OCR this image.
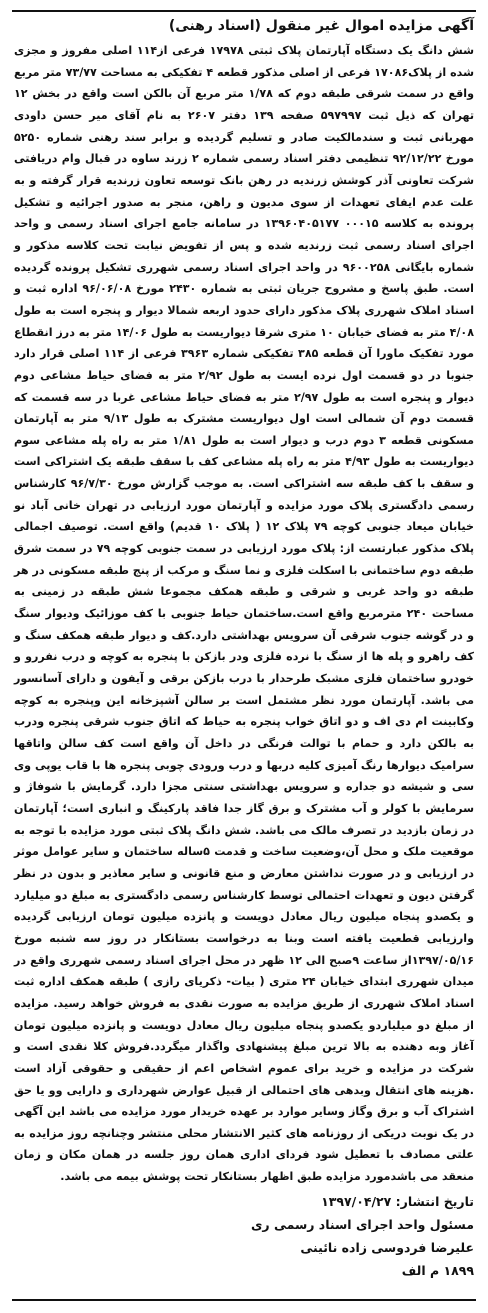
آگهی مزایده اموال غیر منقول (اسناد رهنی)

شش دانگ یک دستگاه آپارتمان پلاک ثبتی ۱۷۹۷۸ فرعی از۱۱۴ اصلی مفروز و مجزی شده از پلاک۱۷۰۸۶ فرعی از اصلی مذکور قطعه ۴ تفکیکی به مساحت ۷۳/۷۷ متر مربع واقع در سمت شرقی طبقه دوم که ۱/۷۸ متر مربع آن بالکن است واقع در بخش ۱۲ تهران که ذیل ثبت ۵۹۷۹۹۷ صفحه ۱۳۹ دفتر ۲۶۰۷ به نام آقای میر حسن داودی مهربانی ثبت و سندمالکیت صادر و تسلیم گردیده و برابر سند رهنی شماره ۵۲۵۰ مورخ ۹۲/۱۲/۲۲ تنظیمی دفتر اسناد رسمی شماره ۲ زرند ساوه در قبال وام دریافتی شرکت تعاونی آذر کوشش زرندیه در رهن بانک توسعه تعاون زرندیه قرار گرفته و به علت عدم ایفای تعهدات از سوی مدیون و راهن، منجر به صدور اجرائیه و تشکیل پرونده به کلاسه ۰۰۰۱۵ ۱۳۹۶۰۴۰۵۱۷۷ در سامانه جامع اجرای اسناد رسمی و واحد اجرای اسناد رسمی ثبت زرندیه شده و پس از تفویض نیابت تحت کلاسه مذکور و شماره بایگانی ۹۶۰۰۲۵۸ در واحد اجرای اسناد رسمی شهرری تشکیل پرونده گردیده است. طبق پاسخ و مشروح جریان ثبتی به شماره ۲۴۳۰ مورخ ۹۶/۰۶/۰۸ اداره ثبت و اسناد املاک شهرری پلاک مذکور دارای حدود اربعه شمالا دیوار و پنجره است به طول ۴/۰۸ متر به فضای خیابان ۱۰ متری شرقا دیواریست به طول ۱۴/۰۶ متر به درز انقطاع مورد تفکیک ماورا آن قطعه ۳۸۵ تفکیکی شماره ۳۹۶۳ فرعی از ۱۱۴ اصلی قرار دارد جنوبا در دو قسمت اول نرده ایست به طول ۲/۹۲ متر به فضای حیاط مشاعی دوم دیوار و پنجره است به طول ۲/۹۷ متر به فضای حیاط مشاعی غربا در سه قسمت که قسمت دوم آن شمالی است اول دیواریست مشترک به طول ۹/۱۳ متر به آپارتمان مسکونی قطعه ۳ دوم درب و دیوار است به طول ۱/۸۱ متر به راه پله مشاعی سوم دیواریست به طول ۴/۹۳ متر به راه پله مشاعی کف با سقف طبقه یک اشتراکی است و سقف با کف طبقه سه اشتراکی است. به موجب گزارش مورخ ۹۶/۷/۳۰ کارشناس رسمی دادگستری پلاک مورد مزایده و آپارتمان مورد ارزیابی در تهران خانی آباد نو خیابان میعاد جنوبی کوچه ۷۹ پلاک ۱۲ ( پلاک ۱۰ قدیم) واقع است. توصیف اجمالی پلاک مذکور عبارتست از: پلاک مورد ارزیابی در سمت جنوبی کوچه ۷۹ در سمت شرق طبقه دوم ساختمانی با اسکلت فلزی و نما سنگ و مرکب از پنج طبقه مسکونی در هر طبقه دو واحد غربی و شرقی و طبقه همکف مجموعا شش طبقه در زمینی به مساحت ۲۴۰ مترمربع واقع است.ساختمان حیاط جنوبی با کف موزائیک ودیوار سنگ و در گوشه جنوب شرقی آن سرویس بهداشتی دارد.کف و دیوار طبقه همکف سنگ و کف راهرو و پله ها از سنگ با نرده فلزی ودر بازکن با پنجره به کوچه و درب نفررو و خودرو ساختمان فلزی مشبک طرحدار با درب بازکن برقی و آیفون و دارای آسانسور می باشد. آپارتمان مورد نظر مشتمل است بر سالن آشپزخانه این وپنجره به کوچه وکابینت ام دی اف و دو اتاق خواب پنجره به حیاط که اتاق جنوب شرقی پنجره ودرب به بالکن دارد و حمام با توالت فرنگی در داخل آن واقع است کف سالن واتاقها سرامیک دیوارها رنگ آمیزی کلیه دربها و درب ورودی چوبی پنجره ها با قاب یوپی وی سی و شیشه دو جداره و سرویس بهداشتی سنتی مجزا دارد. گرمایش با شوفاژ و سرمایش با کولر و آب مشترک و برق گاز جدا فاقد پارکینگ و انباری است؛ آپارتمان در زمان بازدید در تصرف مالک می باشد. شش دانگ پلاک ثبتی مورد مزایده با توجه به موقعیت ملک و محل آن،وضعیت ساخت و قدمت ۵ساله ساختمان و سایر عوامل موثر در ارزیابی و در صورت نداشتن معارض و منع قانونی و سایر معاذیر و بدون در نظر گرفتن دیون و تعهدات احتمالی توسط کارشناس رسمی دادگستری به مبلغ دو میلیارد و یکصدو پنجاه میلیون ریال معادل دویست و پانزده میلیون تومان ارزیابی گردیده وارزیابی قطعیت یافته است وبنا به درخواست بستانکار در روز سه شنبه مورخ ۱۳۹۷/۰۵/۱۶از ساعت ۹صبح الی ۱۲ ظهر در محل اجرای اسناد رسمی شهرری واقع در میدان شهرری ابتدای خیابان ۲۴ متری ( بیات- ذکریای رازی ) طبقه همکف اداره ثبت اسناد املاک شهرری از طریق مزایده به صورت نقدی به فروش خواهد رسید. مزایده از مبلغ دو میلیاردو یکصدو پنجاه میلیون ریال معادل دویست و پانزده میلیون تومان آغاز وبه دهنده به بالا ترین مبلغ پیشنهادی واگذار میگردد.فروش کلا نقدی است و شرکت در مزایده و خرید برای عموم اشخاص اعم از حقیقی و حقوقی آزاد است .هزینه های انتقال وبدهی های احتمالی از قبیل عوارض شهرداری و دارایی وو یا حق اشتراک آب و برق وگاز وسایر موارد بر عهده خریدار مورد مزایده می باشد این آگهی در یک نوبت دریکی از روزنامه های کثیر الانتشار محلی منتشر وچنانچه روز مزایده به علتی مصادف با تعطیل شود فردای اداری همان روز جلسه در همان مکان و زمان منعقد می باشدمورد مزایده طبق اظهار بستانکار تحت پوشش بیمه می باشد.

تاریخ انتشار: ۱۳۹۷/۰۴/۲۷
مسئول واحد اجرای اسناد رسمی ری
علیرضا فردوسی زاده نائینی
۱۸۹۹ م الف
